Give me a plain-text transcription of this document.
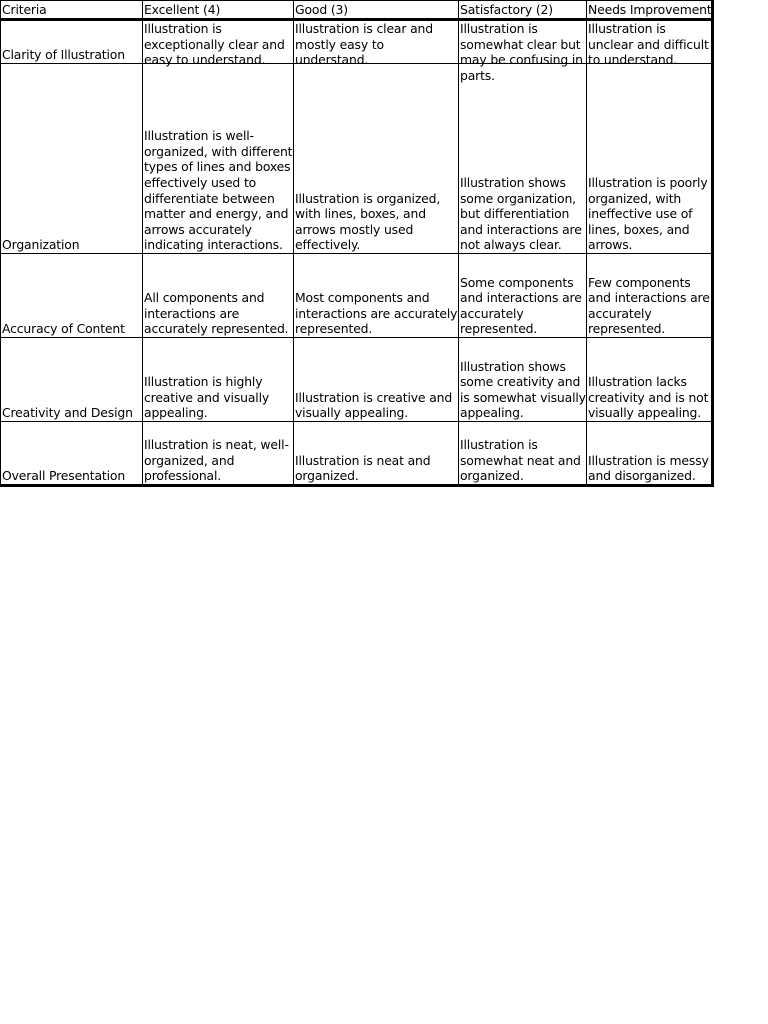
Criteria	Excellent (4)	Good (3)	Satisfactory (2)	Needs Improvement
Clarity of Illustration	Illustration is exceptionally clear and easy to understand.	Illustration is clear and mostly easy to understand.	Illustration is somewhat clear but may be confusing in parts.	Illustration is unclear and difficult to understand.

Organization	Illustration is well-organized, with different types of lines and boxes effectively used to differentiate between matter and energy, and arrows accurately indicating interactions.	Illustration is organized, with lines, boxes, and arrows mostly used effectively.	Illustration shows some organization, but differentiation and interactions are not always clear.	Illustration is poorly organized, with ineffective use of lines, boxes, and arrows.
Accuracy of Content	All components and interactions are accurately represented.	Most components and interactions are accurately represented.	Some components and interactions are accurately represented.	Few components and interactions are accurately represented.
Creativity and Design	Illustration is highly creative and visually appealing.	Illustration is creative and visually appealing.	Illustration shows some creativity and is somewhat visually appealing.	Illustration lacks creativity and is not visually appealing.
Overall Presentation	Illustration is neat, well-organized, and professional.	Illustration is neat and organized.	Illustration is somewhat neat and organized.	Illustration is messy and disorganized.
